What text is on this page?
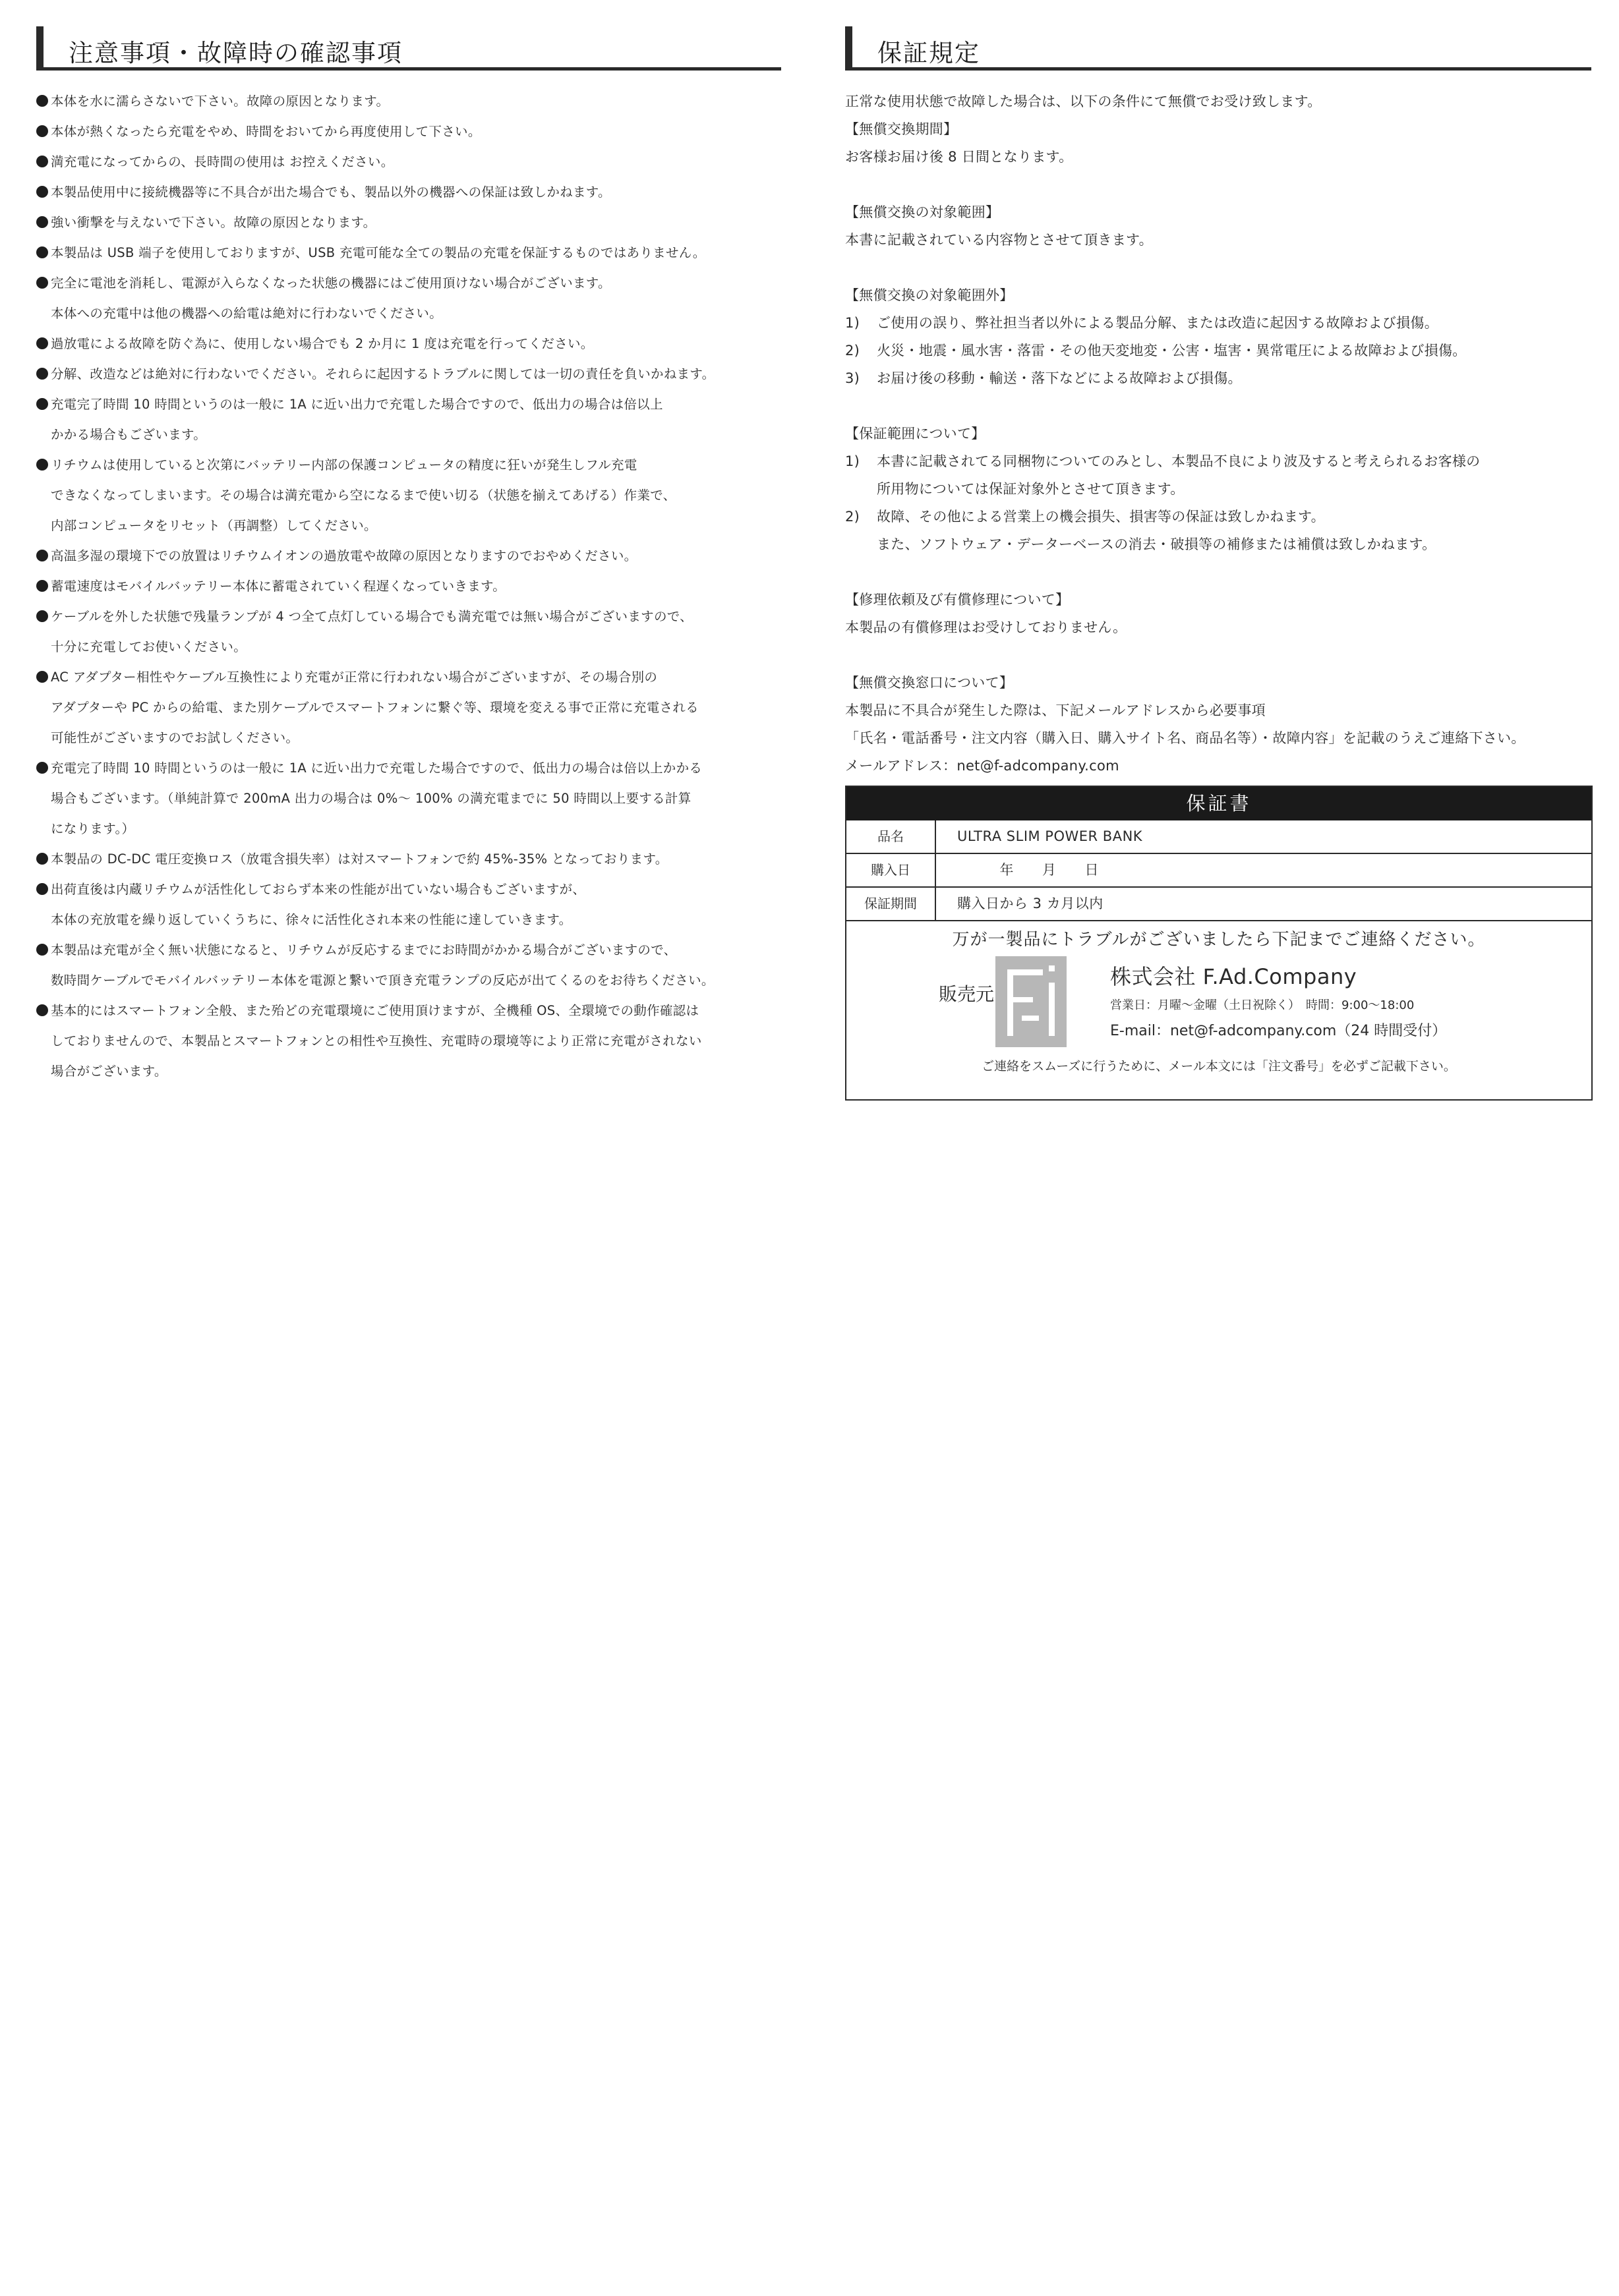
注意事項・故障時の確認事項
本体を水に濡らさないで下さい。故障の原因となります。
本体が熱くなったら充電をやめ、時間をおいてから再度使用して下さい。
満充電になってからの、長時間の使用は お控えください。
本製品使用中に接続機器等に不具合が出た場合でも、製品以外の機器への保証は致しかねます。
強い衝撃を与えないで下さい。故障の原因となります。
本製品は USB 端子を使用しておりますが、USB 充電可能な全ての製品の充電を保証するものではありません。
完全に電池を消耗し、電源が入らなくなった状態の機器にはご使用頂けない場合がございます。
本体への充電中は他の機器への給電は絶対に行わないでください。
過放電による故障を防ぐ為に、使用しない場合でも 2 か月に 1 度は充電を行ってください。
分解、改造などは絶対に行わないでください。それらに起因するトラブルに関しては一切の責任を負いかねます。
充電完了時間 10 時間というのは一般に 1A に近い出力で充電した場合ですので、低出力の場合は倍以上
かかる場合もございます。
リチウムは使用していると次第にバッテリー内部の保護コンピュータの精度に狂いが発生しフル充電
できなくなってしまいます。その場合は満充電から空になるまで使い切る（状態を揃えてあげる）作業で、
内部コンピュータをリセット（再調整）してください。
高温多湿の環境下での放置はリチウムイオンの過放電や故障の原因となりますのでおやめください。
蓄電速度はモバイルバッテリー本体に蓄電されていく程遅くなっていきます。
ケーブルを外した状態で残量ランプが 4 つ全て点灯している場合でも満充電では無い場合がございますので、
十分に充電してお使いください。
AC アダプター相性やケーブル互換性により充電が正常に行われない場合がございますが、その場合別の
アダプターや PC からの給電、また別ケーブルでスマートフォンに繋ぐ等、環境を変える事で正常に充電される
可能性がございますのでお試しください。
充電完了時間 10 時間というのは一般に 1A に近い出力で充電した場合ですので、低出力の場合は倍以上かかる
場合もございます。（単純計算で 200mA 出力の場合は 0%～ 100% の満充電までに 50 時間以上要する計算
になります。）
本製品の DC-DC 電圧変換ロス（放電含損失率）は対スマートフォンで約 45%-35% となっております。
出荷直後は内蔵リチウムが活性化しておらず本来の性能が出ていない場合もございますが、
本体の充放電を繰り返していくうちに、徐々に活性化され本来の性能に達していきます。
本製品は充電が全く無い状態になると、リチウムが反応するまでにお時間がかかる場合がございますので、
数時間ケーブルでモバイルバッテリー本体を電源と繋いで頂き充電ランプの反応が出てくるのをお待ちください。
基本的にはスマートフォン全般、また殆どの充電環境にご使用頂けますが、全機種 OS、全環境での動作確認は
しておりませんので、本製品とスマートフォンとの相性や互換性、充電時の環境等により正常に充電がされない
場合がございます。
保証規定
正常な使用状態で故障した場合は、以下の条件にて無償でお受け致します。
【無償交換期間】
お客様お届け後 8 日間となります。
【無償交換の対象範囲】
本書に記載されている内容物とさせて頂きます。
【無償交換の対象範囲外】
1) ご使用の誤り、弊社担当者以外による製品分解、または改造に起因する故障および損傷。
2) 火災・地震・風水害・落雷・その他天変地変・公害・塩害・異常電圧による故障および損傷。
3) お届け後の移動・輸送・落下などによる故障および損傷。
【保証範囲について】
1) 本書に記載されてる同梱物についてのみとし、本製品不良により波及すると考えられるお客様の
所用物については保証対象外とさせて頂きます。
2) 故障、その他による営業上の機会損失、損害等の保証は致しかねます。
また、ソフトウェア・データーベースの消去・破損等の補修または補償は致しかねます。
【修理依頼及び有償修理について】
本製品の有償修理はお受けしておりません。
【無償交換窓口について】
本製品に不具合が発生した際は、下記メールアドレスから必要事項
「氏名・電話番号・注文内容（購入日、購入サイト名、商品名等）・故障内容」を記載のうえご連絡下さい。
メールアドレス：net@f-adcompany.com
保証書
品名	ULTRA SLIM POWER BANK
購入日	　　　年　　月　　日
保証期間	購入日から 3 カ月以内
万が一製品にトラブルがございましたら下記までご連絡ください。
販売元
株式会社 F.Ad.Company
営業日：月曜～金曜（土日祝除く）　時間：9:00～18:00
E-mail：net@f-adcompany.com（24 時間受付）
ご連絡をスムーズに行うために、メール本文には「注文番号」を必ずご記載下さい。
